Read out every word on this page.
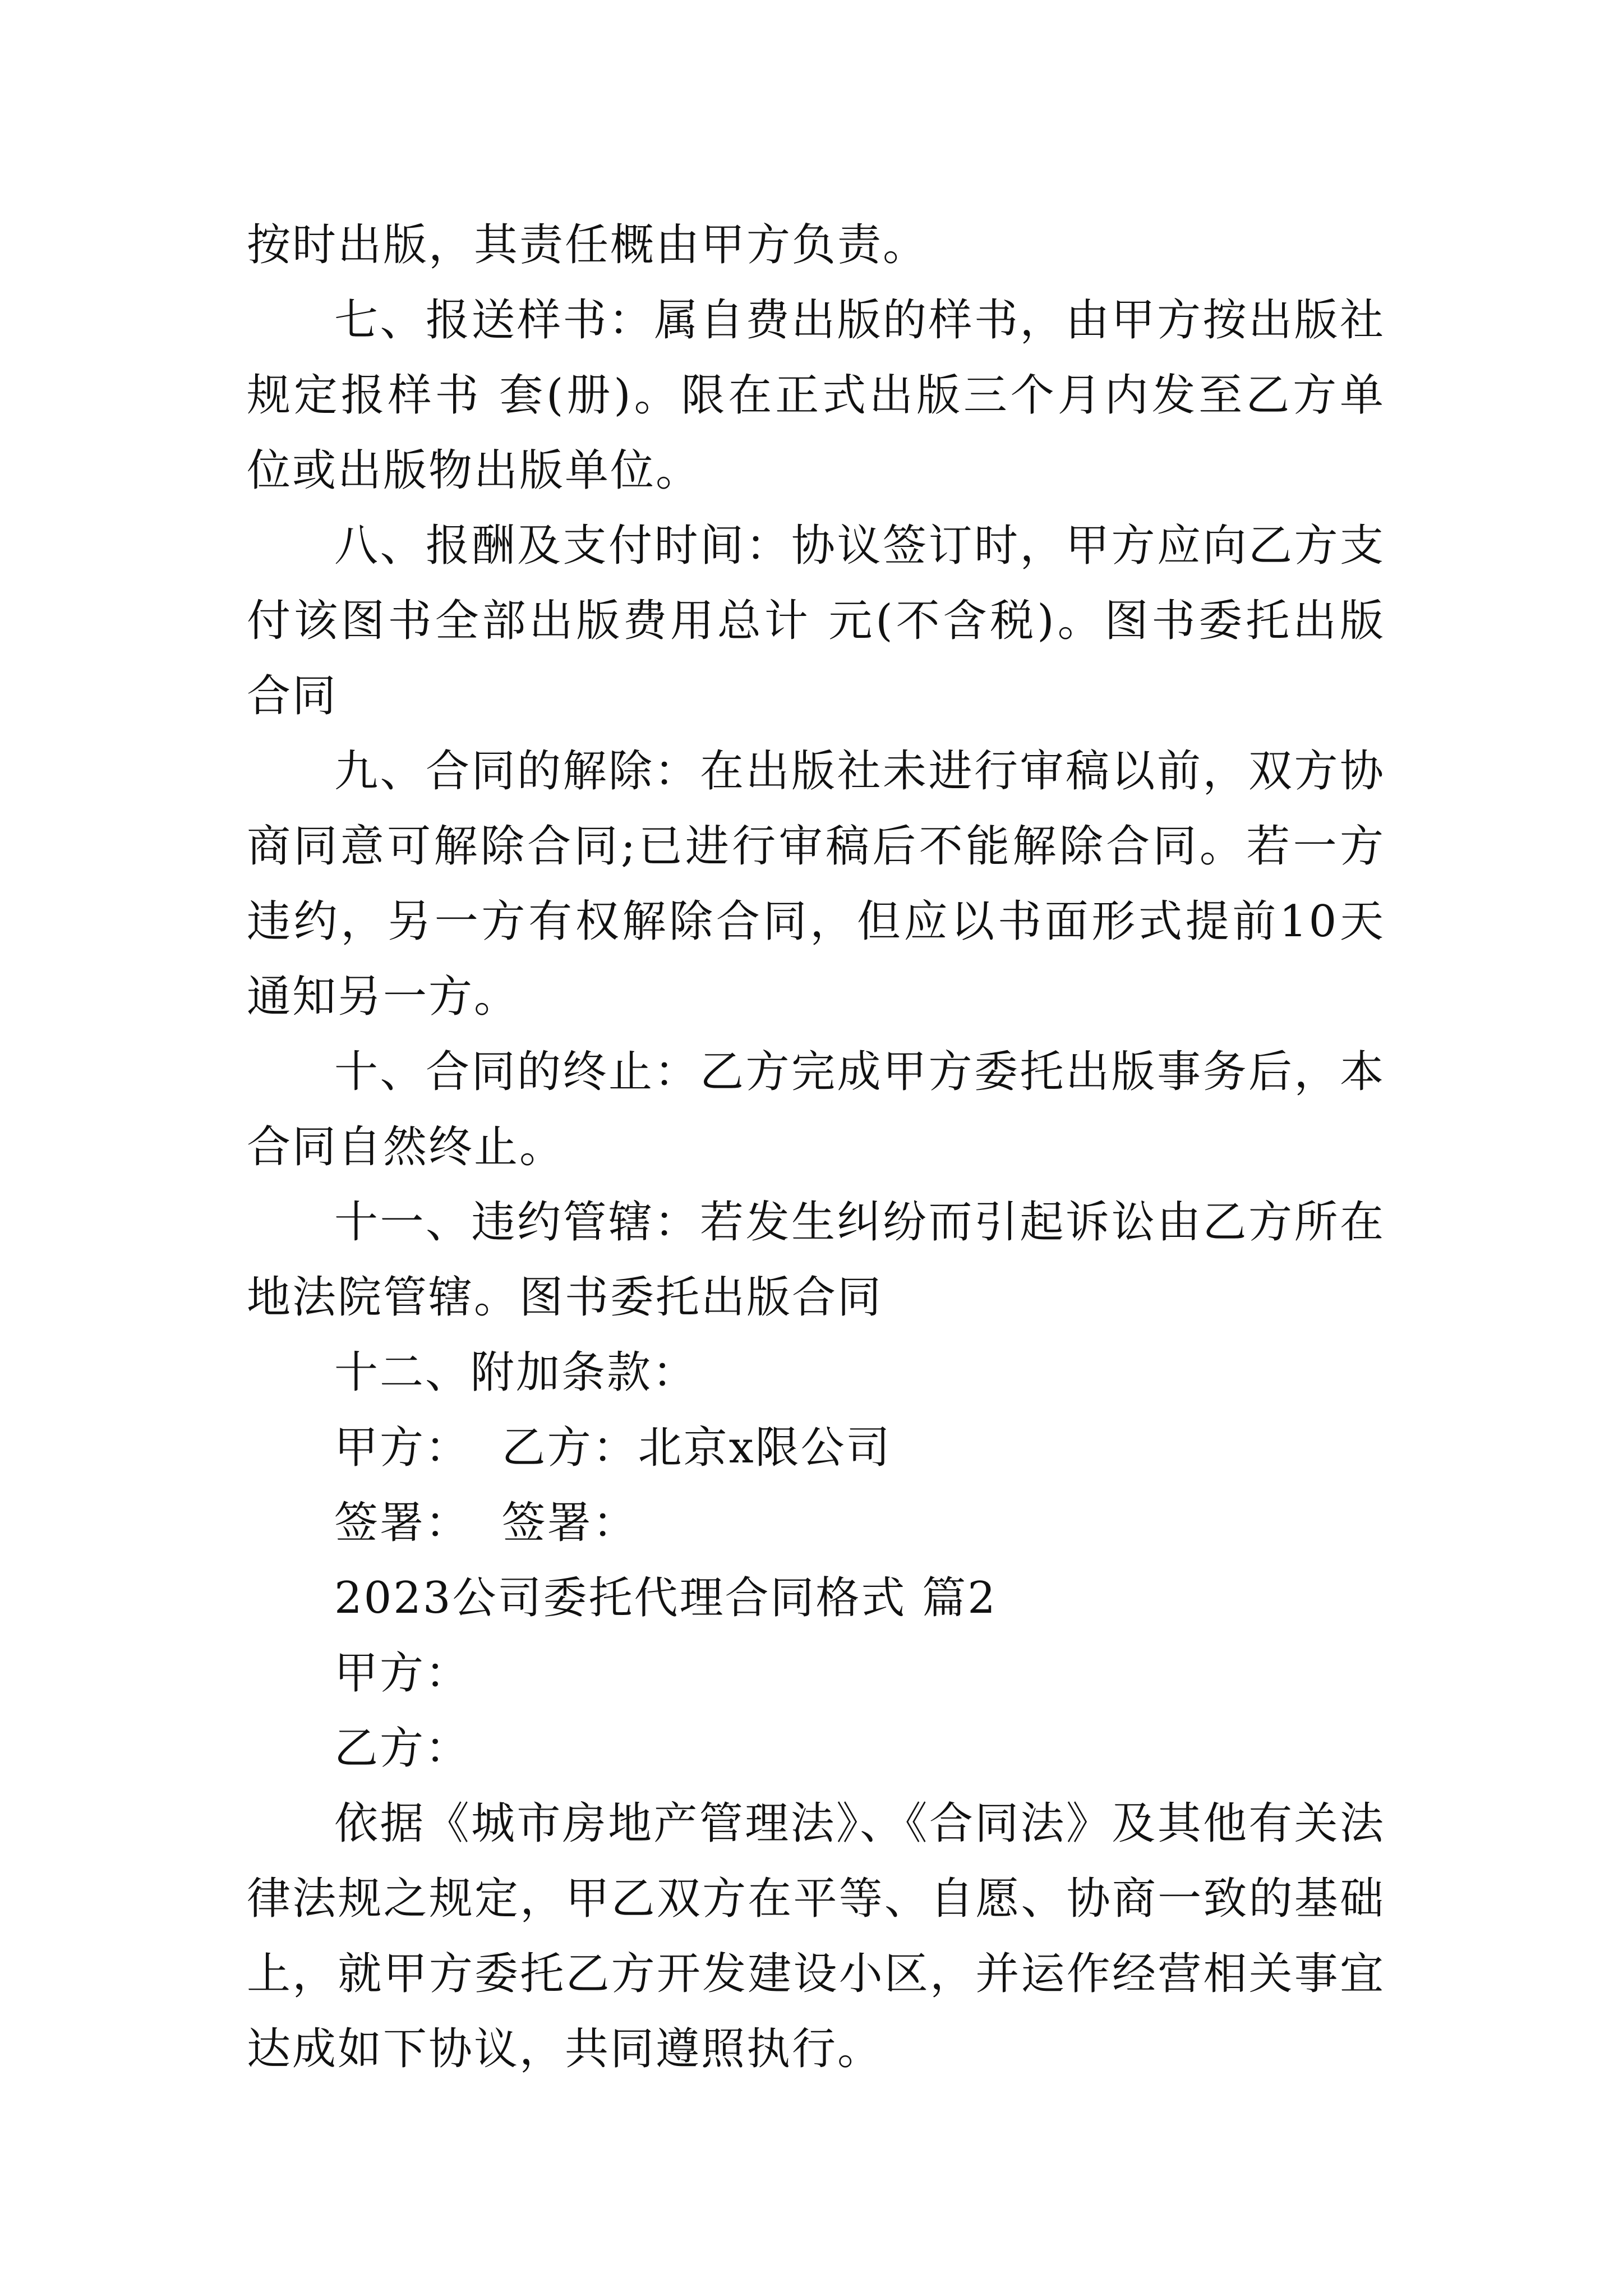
按时出版，其责任概由甲方负责。

七、报送样书：属自费出版的样书，由甲方按出版社规定报样书 套(册)。限在正式出版三个月内发至乙方单位或出版物出版单位。

八、报酬及支付时间：协议签订时，甲方应向乙方支付该图书全部出版费用总计 元(不含税)。图书委托出版合同

九、合同的解除：在出版社未进行审稿以前，双方协商同意可解除合同;已进行审稿后不能解除合同。若一方违约，另一方有权解除合同，但应以书面形式提前10天通知另一方。

十、合同的终止：乙方完成甲方委托出版事务后，本合同自然终止。

十一、违约管辖：若发生纠纷而引起诉讼由乙方所在地法院管辖。图书委托出版合同

十二、附加条款：

甲方：  乙方：北京x限公司

签署：  签署：

2023公司委托代理合同格式 篇2

甲方：

乙方：

依据《城市房地产管理法》、《合同法》及其他有关法律法规之规定，甲乙双方在平等、自愿、协商一致的基础上，就甲方委托乙方开发建设小区，并运作经营相关事宜达成如下协议，共同遵照执行。
